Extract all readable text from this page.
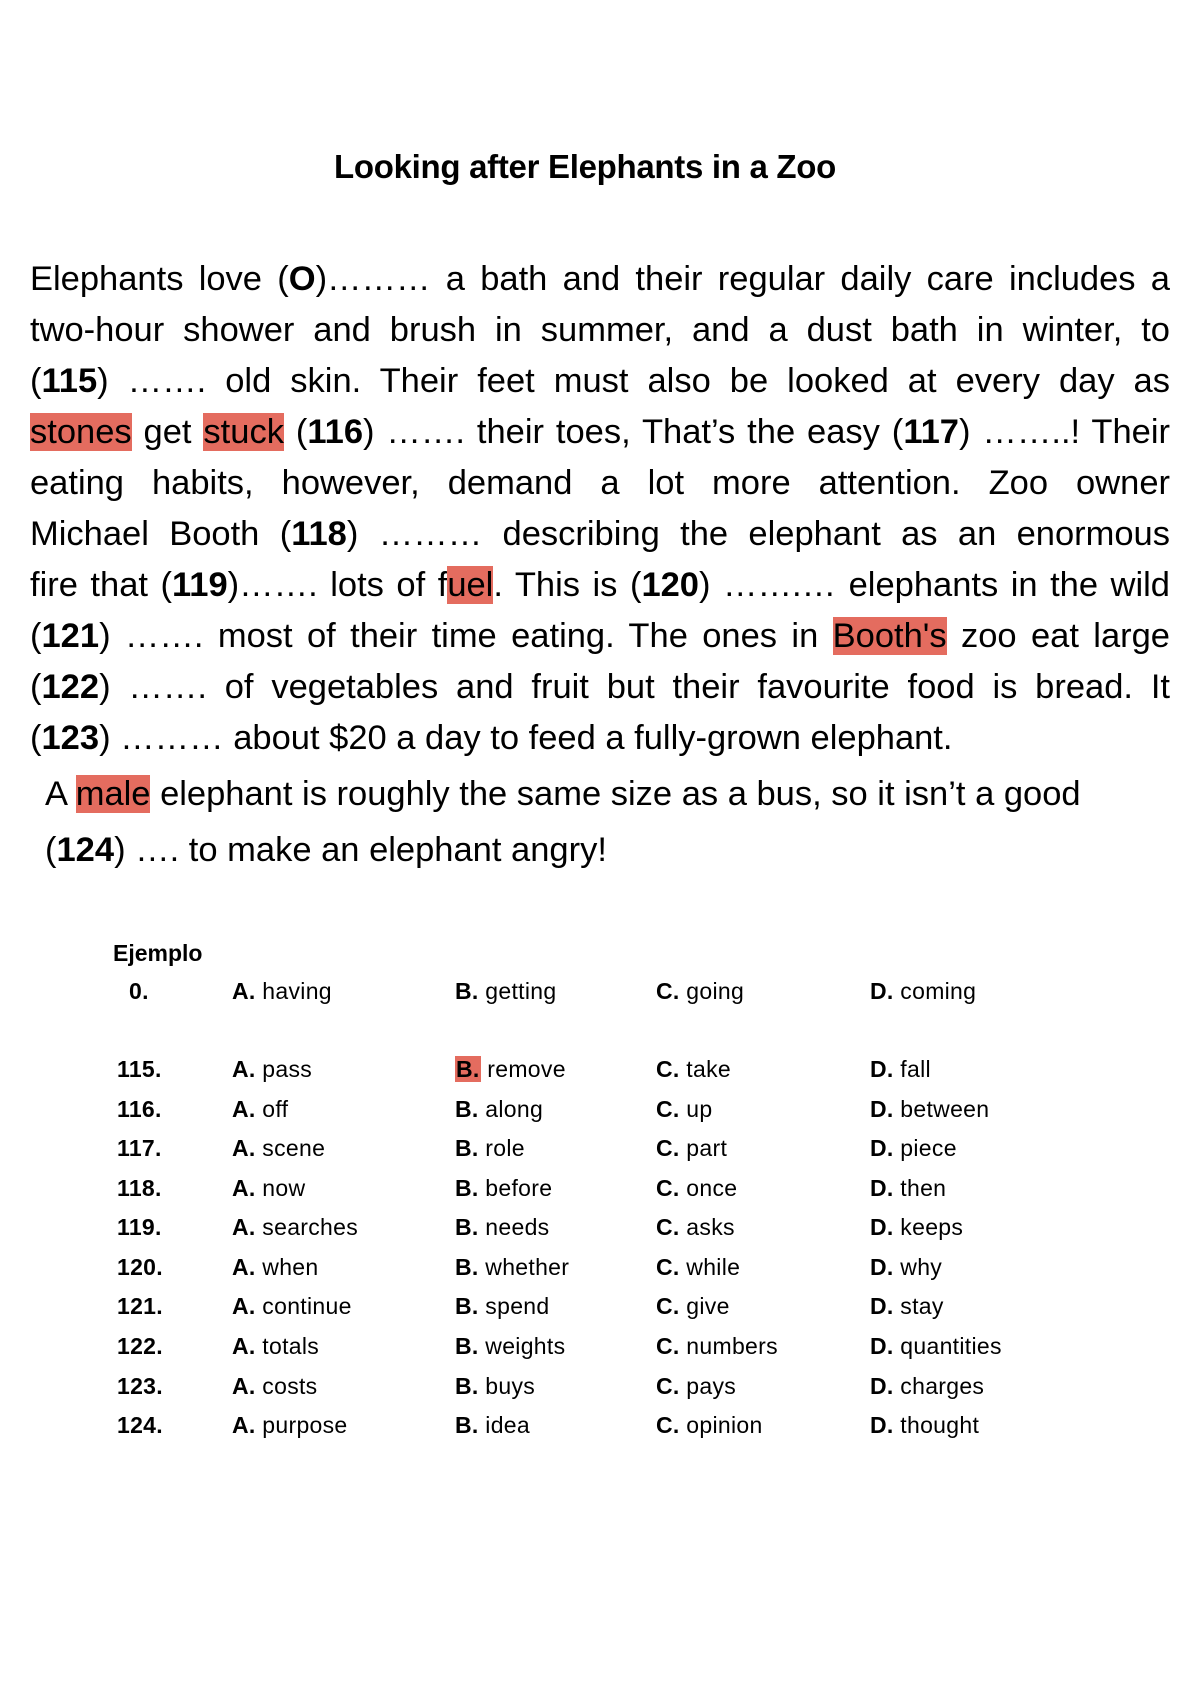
Looking after Elephants in a Zoo
Elephants love (O)……… a bath and their regular daily care includes a
two-hour shower and brush in summer, and a dust bath in winter, to
(115) ……. old skin. Their feet must also be looked at every day as
stones get stuck (116) ……. their toes, That’s the easy (117) ……..! Their
eating habits, however, demand a lot more attention. Zoo owner
Michael Booth (118) ……… describing the elephant as an enormous
fire that (119)……. lots of fuel. This is (120) …….… elephants in the wild
(121) ……. most of their time eating. The ones in Booth's zoo eat large
(122) ……. of vegetables and fruit but their favourite food is bread. It
(123) ……… about $20 a day to feed a fully-grown elephant.
A male elephant is roughly the same size as a bus, so it isn’t a good
(124) …. to make an elephant angry!
Ejemplo
0.	A. having	B. getting	C. going	D. coming
115.	A. pass	B. remove	C. take	D. fall
116.	A. off	B. along	C. up	D. between
117.	A. scene	B. role	C. part	D. piece
118.	A. now	B. before	C. once	D. then
119.	A. searches	B. needs	C. asks	D. keeps
120.	A. when	B. whether	C. while	D. why
121.	A. continue	B. spend	C. give	D. stay
122.	A. totals	B. weights	C. numbers	D. quantities
123.	A. costs	B. buys	C. pays	D. charges
124.	A. purpose	B. idea	C. opinion	D. thought
